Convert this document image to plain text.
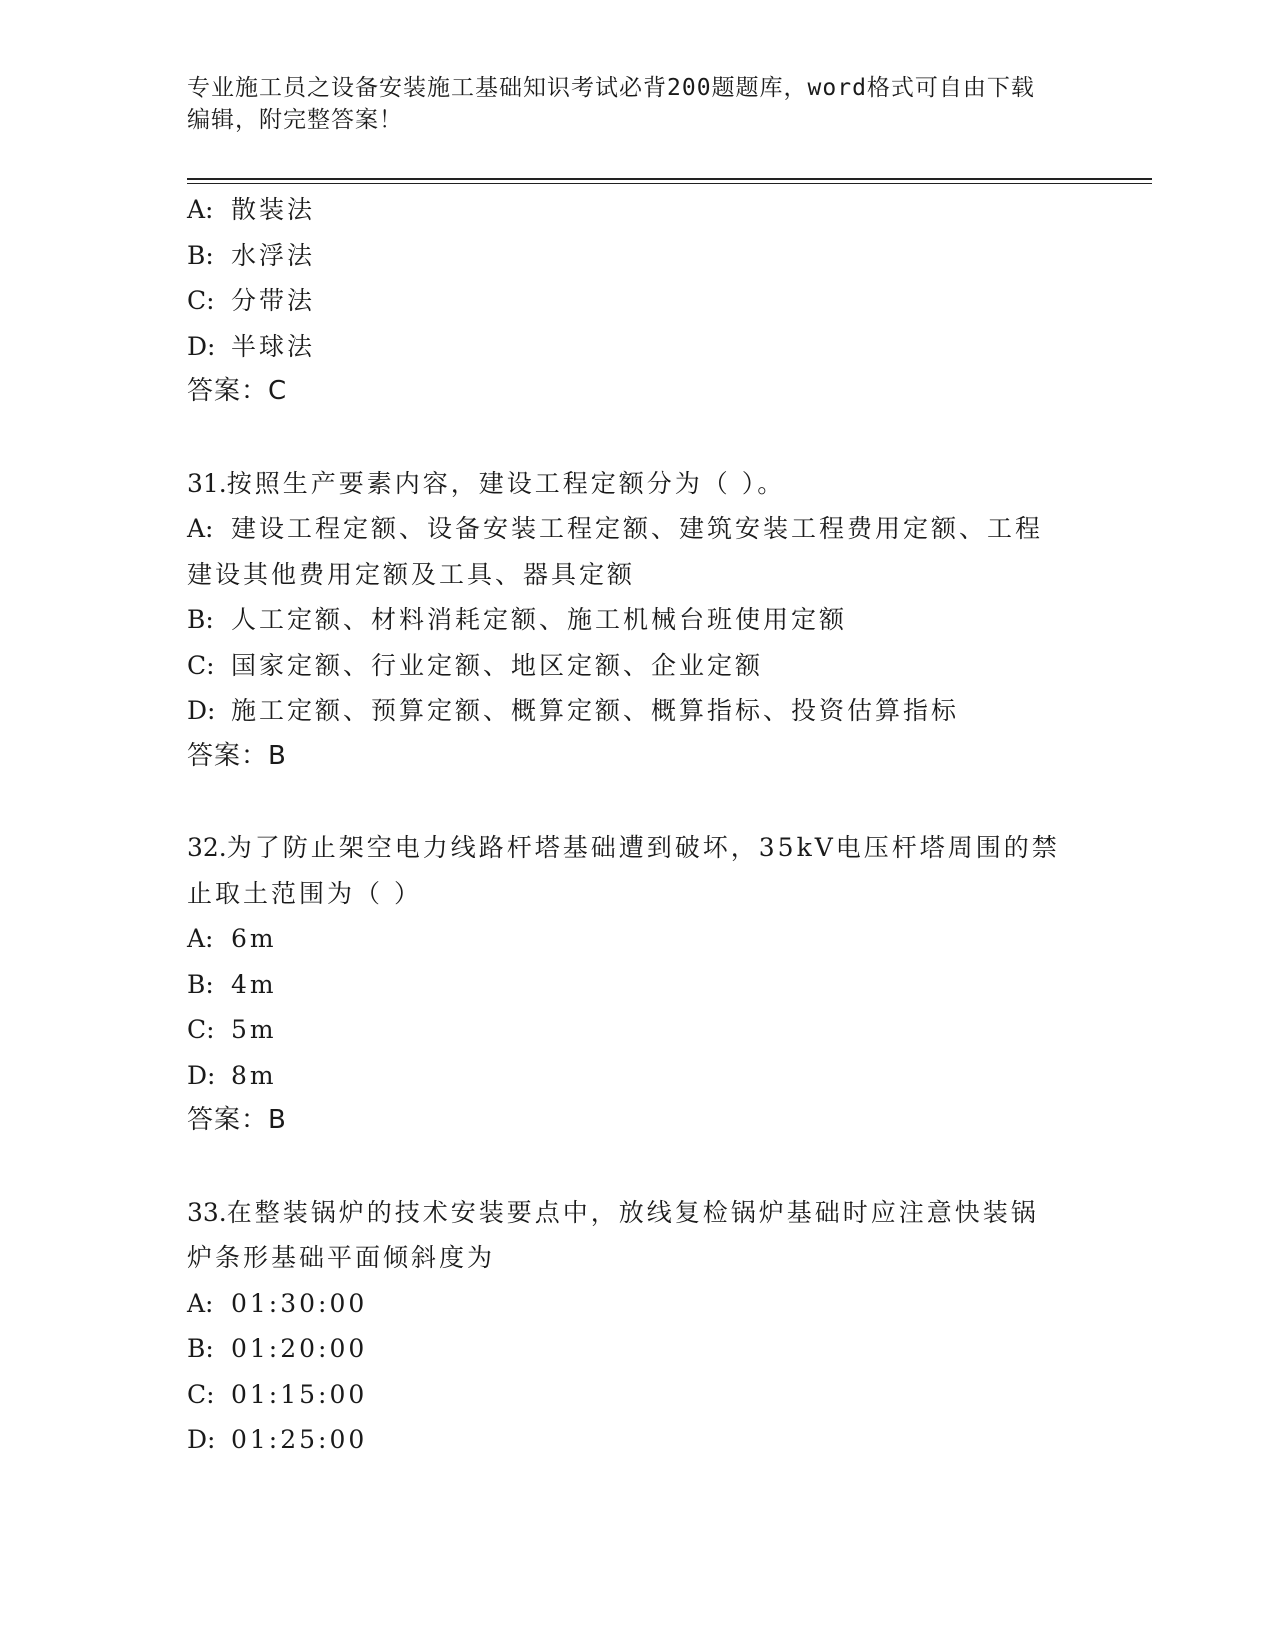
专业施工员之设备安装施工基础知识考试必背200题题库，word格式可自由下载
编辑，附完整答案！
A: 散装法
B: 水浮法
C: 分带法
D: 半球法
答案：C
31.按照生产要素内容，建设工程定额分为（ ）。
A: 建设工程定额、设备安装工程定额、建筑安装工程费用定额、工程
建设其他费用定额及工具、器具定额
B: 人工定额、材料消耗定额、施工机械台班使用定额
C: 国家定额、行业定额、地区定额、企业定额
D: 施工定额、预算定额、概算定额、概算指标、投资估算指标
答案：B
32.为了防止架空电力线路杆塔基础遭到破坏，35kV电压杆塔周围的禁
止取土范围为（ ）
A: 6m
B: 4m
C: 5m
D: 8m
答案：B
33.在整装锅炉的技术安装要点中，放线复检锅炉基础时应注意快装锅
炉条形基础平面倾斜度为
A: 01:30:00
B: 01:20:00
C: 01:15:00
D: 01:25:00
